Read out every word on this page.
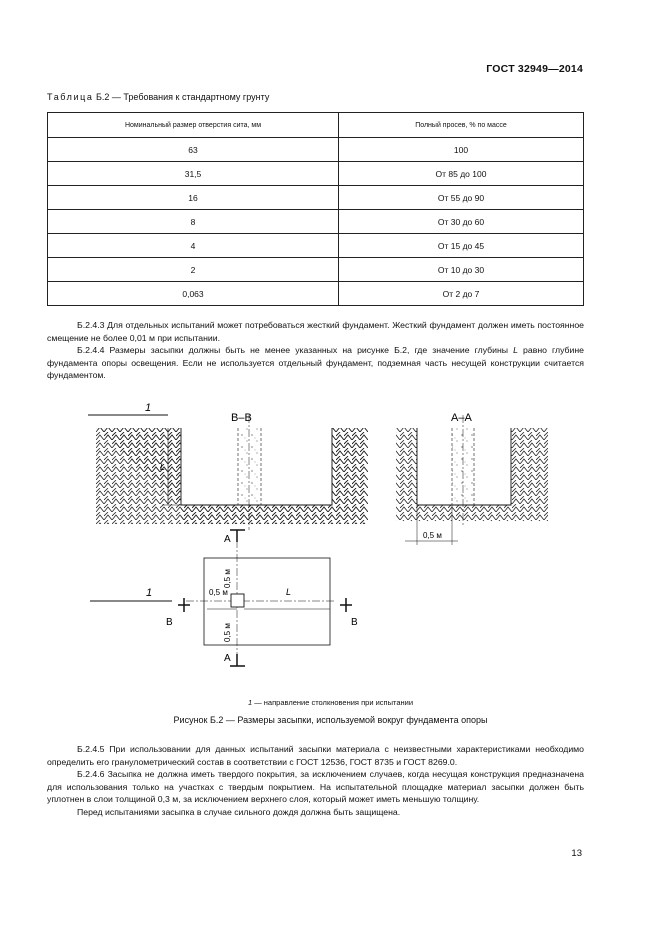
ГОСТ 32949—2014
Таблица Б.2 — Требования к стандартному грунту
Номинальный размер отверстия сита, мм	Полный просев, % по массе
63	100
31,5	От 85 до 100
16	От 55 до 90
8	От 30 до 60
4	От 15 до 45
2	От 10 до 30
0,063	От 2 до 7

Б.2.4.3 Для отдельных испытаний может потребоваться жесткий фундамент. Жесткий фундамент должен иметь постоянное смещение не более 0,01 м при испытании.

Б.2.4.4 Размеры засыпки должны быть не менее указанных на рисунке Б.2, где значение глубины L равно глубине фундамента опоры освещения. Если не используется отдельный фундамент, подземная часть несущей конструкции считается фундаментом.

1
В–В
L
А–А
0,5 м
1
А
А
В	В
0,5 м	L
0,5 м
0,5 м
1 — направление столкновения при испытании
Рисунок Б.2 — Размеры засыпки, используемой вокруг фундамента опоры

Б.2.4.5 При использовании для данных испытаний засыпки материала с неизвестными характеристиками необходимо определить его гранулометрический состав в соответствии с ГОСТ 12536, ГОСТ 8735 и ГОСТ 8269.0.

Б.2.4.6 Засыпка не должна иметь твердого покрытия, за исключением случаев, когда несущая конструкция предназначена для использования только на участках с твердым покрытием. На испытательной площадке материал засыпки должен быть уплотнен в слои толщиной 0,3 м, за исключением верхнего слоя, который может иметь меньшую толщину.

Перед испытаниями засыпка в случае сильного дождя должна быть защищена.

13
